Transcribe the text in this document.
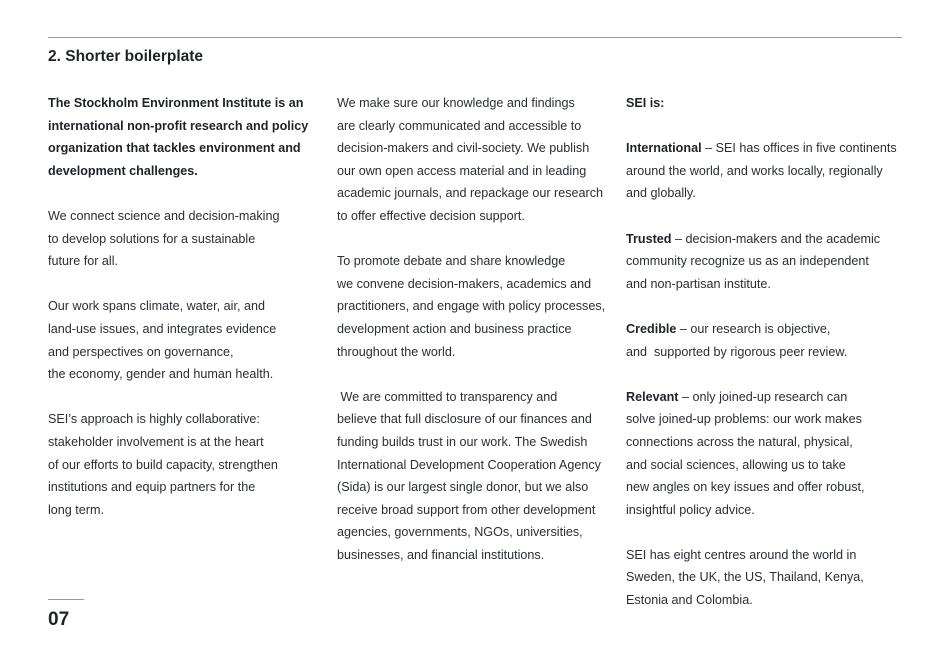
2. Shorter boilerplate

The Stockholm Environment Institute is an
international non-profit research and policy
organization that tackles environment and
development challenges.

We connect science and decision-making
to develop solutions for a sustainable
future for all.

Our work spans climate, water, air, and
land-use issues, and integrates evidence
and perspectives on governance,
the economy, gender and human health.

SEI’s approach is highly collaborative:
stakeholder involvement is at the heart
of our efforts to build capacity, strengthen
institutions and equip partners for the
long term.

We make sure our knowledge and findings
are clearly communicated and accessible to
decision-makers and civil-society. We publish
our own open access material and in leading
academic journals, and repackage our research
to offer effective decision support.

To promote debate and share knowledge
we convene decision-makers, academics and
practitioners, and engage with policy processes,
development action and business practice
throughout the world.

We are committed to transparency and
believe that full disclosure of our finances and
funding builds trust in our work. The Swedish
International Development Cooperation Agency
(Sida) is our largest single donor, but we also
receive broad support from other development
agencies, governments, NGOs, universities,
businesses, and financial institutions.

SEI is:

International – SEI has offices in five continents
around the world, and works locally, regionally
and globally.

Trusted – decision-makers and the academic
community recognize us as an independent
and non-partisan institute.

Credible – our research is objective,
and  supported by rigorous peer review.

Relevant – only joined-up research can
solve joined-up problems: our work makes
connections across the natural, physical,
and social sciences, allowing us to take
new angles on key issues and offer robust,
insightful policy advice.

SEI has eight centres around the world in
Sweden, the UK, the US, Thailand, Kenya,
Estonia and Colombia.

07
